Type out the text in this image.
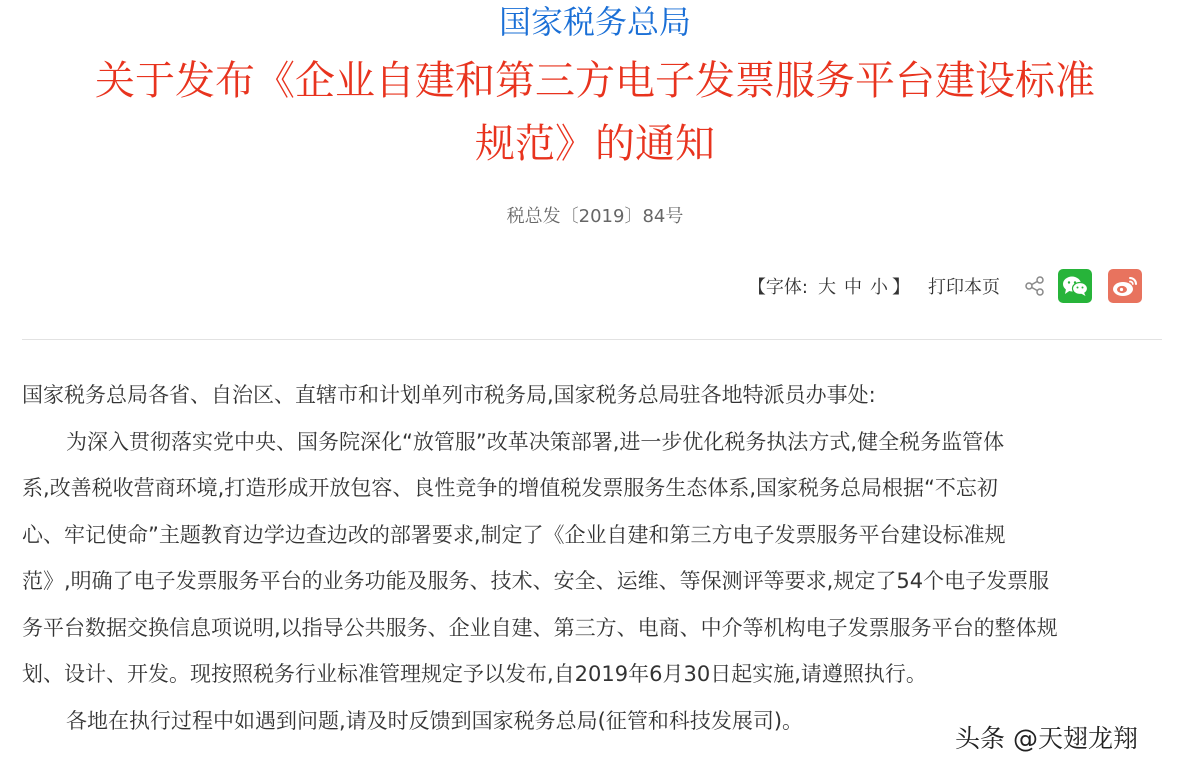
国家税务总局
关于发布《企业自建和第三方电子发票服务平台建设标准
规范》的通知
税总发〔2019〕84号
【字体: 大 中 小 】 打印本页

国家税务总局各省、自治区、直辖市和计划单列市税务局,国家税务总局驻各地特派员办事处:

为深入贯彻落实党中央、国务院深化“放管服”改革决策部署,进一步优化税务执法方式,健全税务监管体
系,改善税收营商环境,打造形成开放包容、良性竞争的增值税发票服务生态体系,国家税务总局根据“不忘初
心、牢记使命”主题教育边学边查边改的部署要求,制定了《企业自建和第三方电子发票服务平台建设标准规
范》,明确了电子发票服务平台的业务功能及服务、技术、安全、运维、等保测评等要求,规定了54个电子发票服
务平台数据交换信息项说明,以指导公共服务、企业自建、第三方、电商、中介等机构电子发票服务平台的整体规
划、设计、开发。现按照税务行业标准管理规定予以发布,自2019年6月30日起实施,请遵照执行。

各地在执行过程中如遇到问题,请及时反馈到国家税务总局(征管和科技发展司)。

头条 @天翅龙翔
